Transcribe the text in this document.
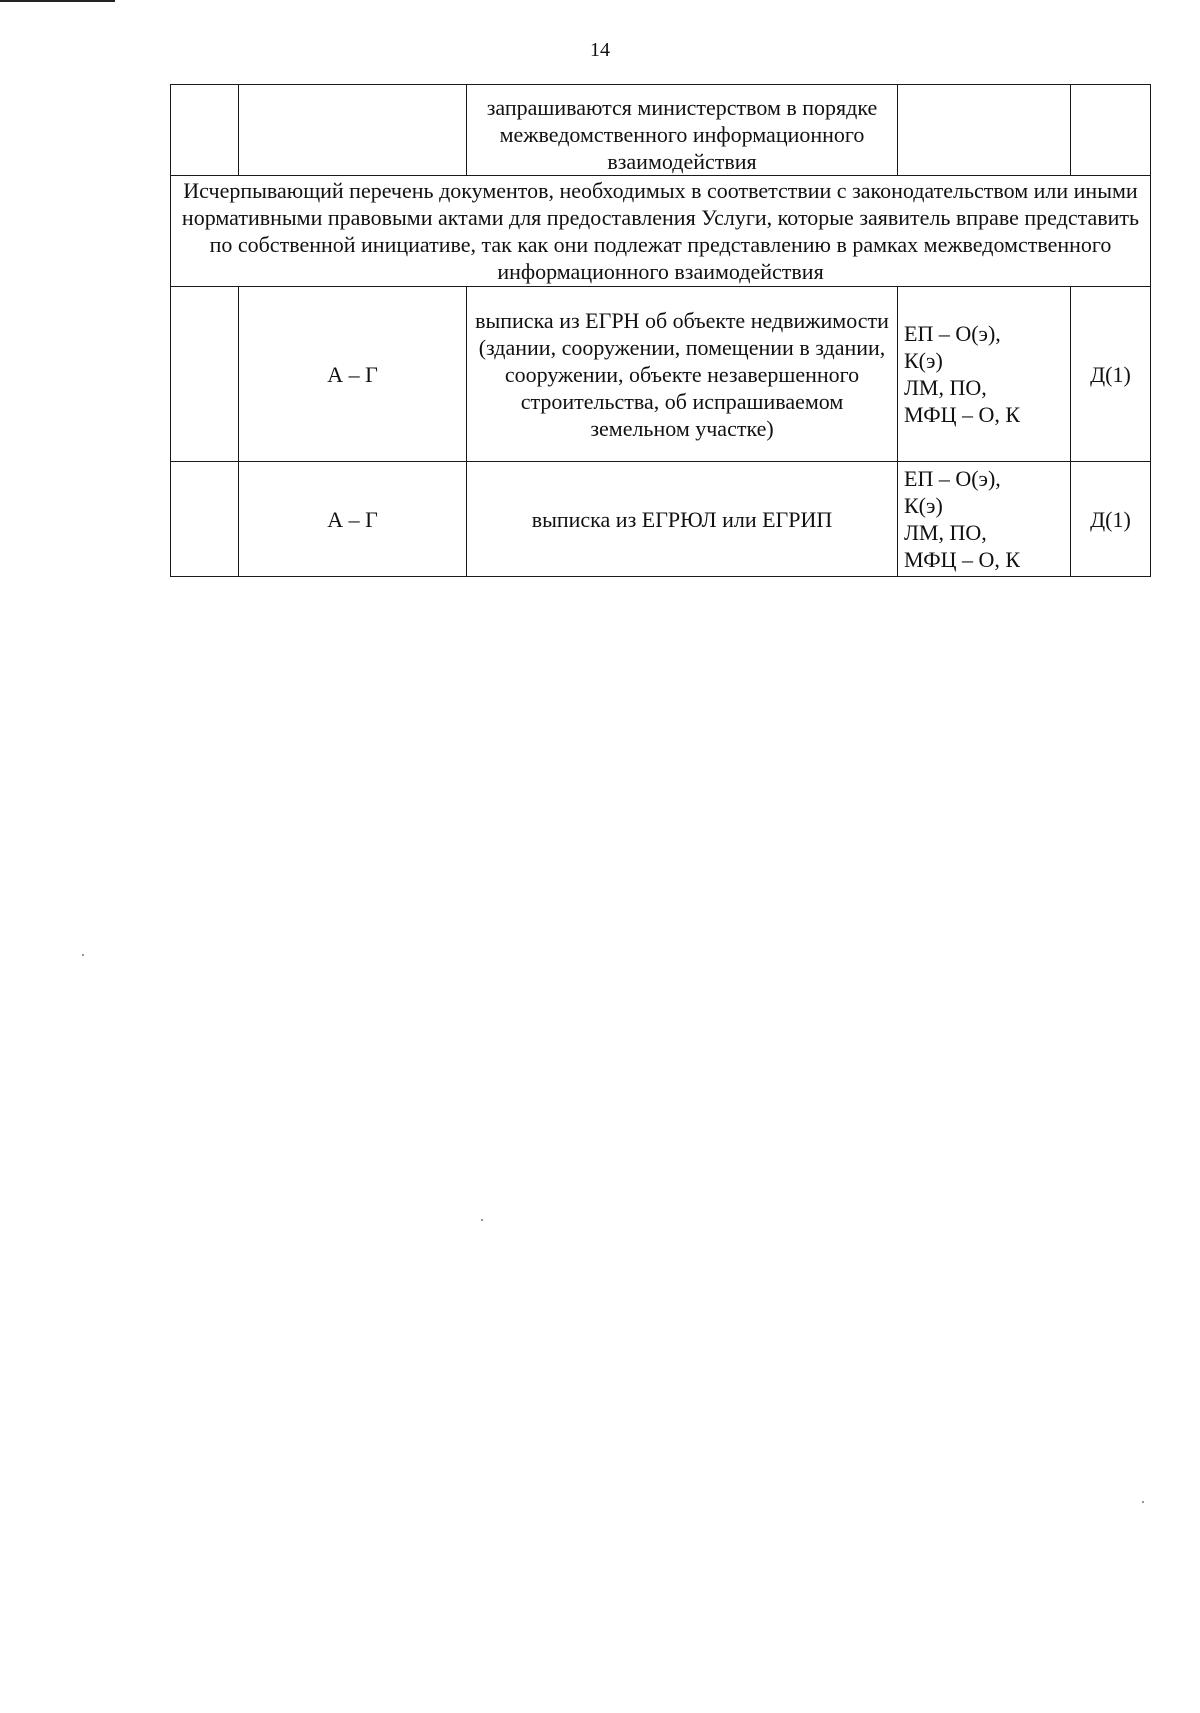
14
		запрашиваются министерством в порядке межведомственного информационного взаимодействия		
Исчерпывающий перечень документов, необходимых в соответствии с законодательством или иными нормативными правовыми актами для предоставления Услуги, которые заявитель вправе представить по собственной инициативе, так как они подлежат представлению в рамках межведомственного информационного взаимодействия				
	А – Г	выписка из ЕГРН об объекте недвижимости (здании, сооружении, помещении в здании, сооружении, объекте незавершенного строительства, об испрашиваемом земельном участке)	ЕП – О(э),
К(э)
ЛМ, ПО,
МФЦ – О, К	Д(1)
	А – Г	выписка из ЕГРЮЛ или ЕГРИП	ЕП – О(э),
К(э)
ЛМ, ПО,
МФЦ – О, К	Д(1)
